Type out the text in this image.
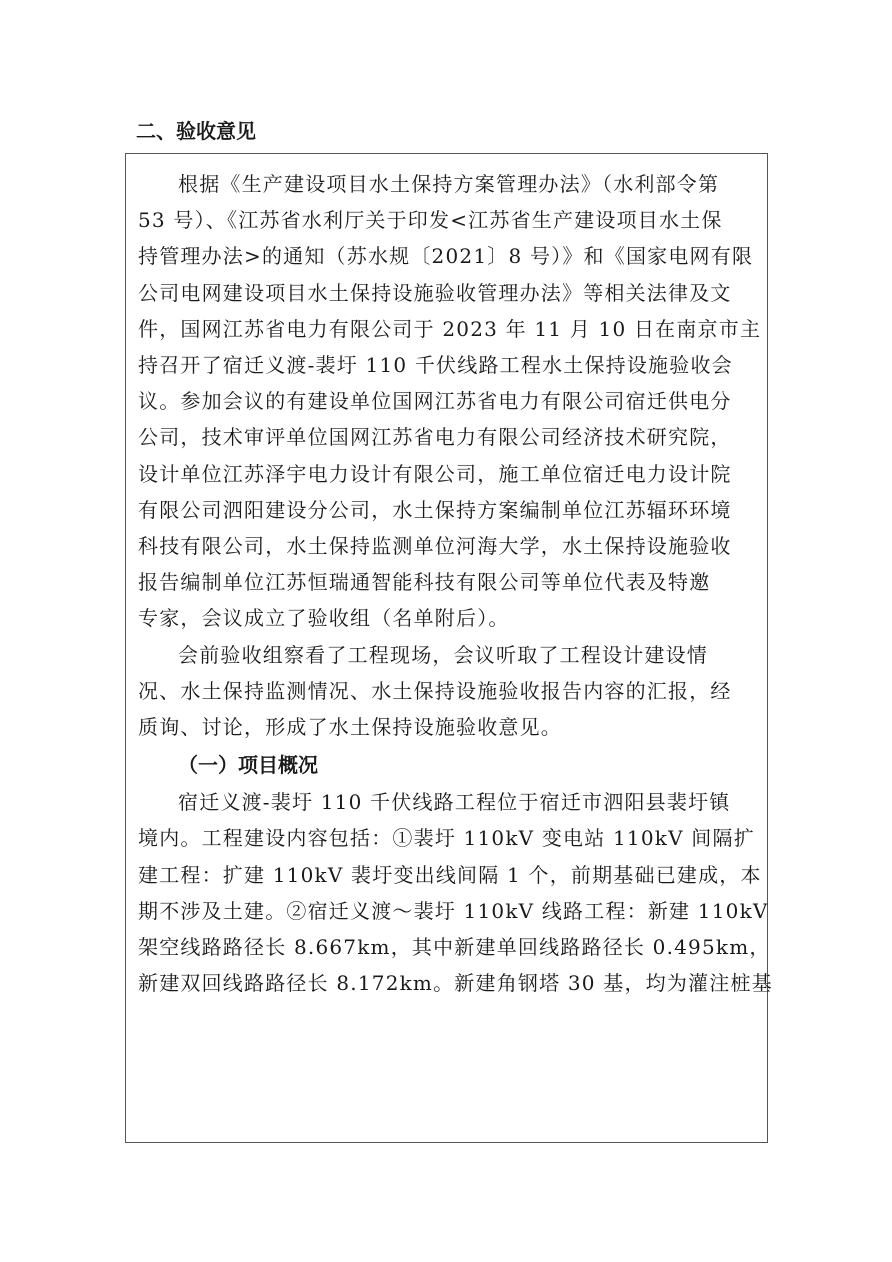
二、验收意见

根据《生产建设项目水土保持方案管理办法》（水利部令第
53 号）、《江苏省水利厅关于印发<江苏省生产建设项目水土保
持管理办法>的通知（苏水规〔2021〕8 号）》和《国家电网有限
公司电网建设项目水土保持设施验收管理办法》等相关法律及文
件，国网江苏省电力有限公司于 2023 年 11 月 10 日在南京市主
持召开了宿迁义渡-裴圩 110 千伏线路工程水土保持设施验收会
议。参加会议的有建设单位国网江苏省电力有限公司宿迁供电分
公司，技术审评单位国网江苏省电力有限公司经济技术研究院，
设计单位江苏泽宇电力设计有限公司，施工单位宿迁电力设计院
有限公司泗阳建设分公司，水土保持方案编制单位江苏辐环环境
科技有限公司，水土保持监测单位河海大学，水土保持设施验收
报告编制单位江苏恒瑞通智能科技有限公司等单位代表及特邀
专家，会议成立了验收组（名单附后）。

会前验收组察看了工程现场，会议听取了工程设计建设情
况、水土保持监测情况、水土保持设施验收报告内容的汇报，经
质询、讨论，形成了水土保持设施验收意见。

（一）项目概况

宿迁义渡-裴圩 110 千伏线路工程位于宿迁市泗阳县裴圩镇
境内。工程建设内容包括：①裴圩 110kV 变电站 110kV 间隔扩
建工程：扩建 110kV 裴圩变出线间隔 1 个，前期基础已建成，本
期不涉及土建。②宿迁义渡～裴圩 110kV 线路工程：新建 110kV
架空线路路径长 8.667km，其中新建单回线路路径长 0.495km，
新建双回线路路径长 8.172km。新建角钢塔 30 基，均为灌注桩基
